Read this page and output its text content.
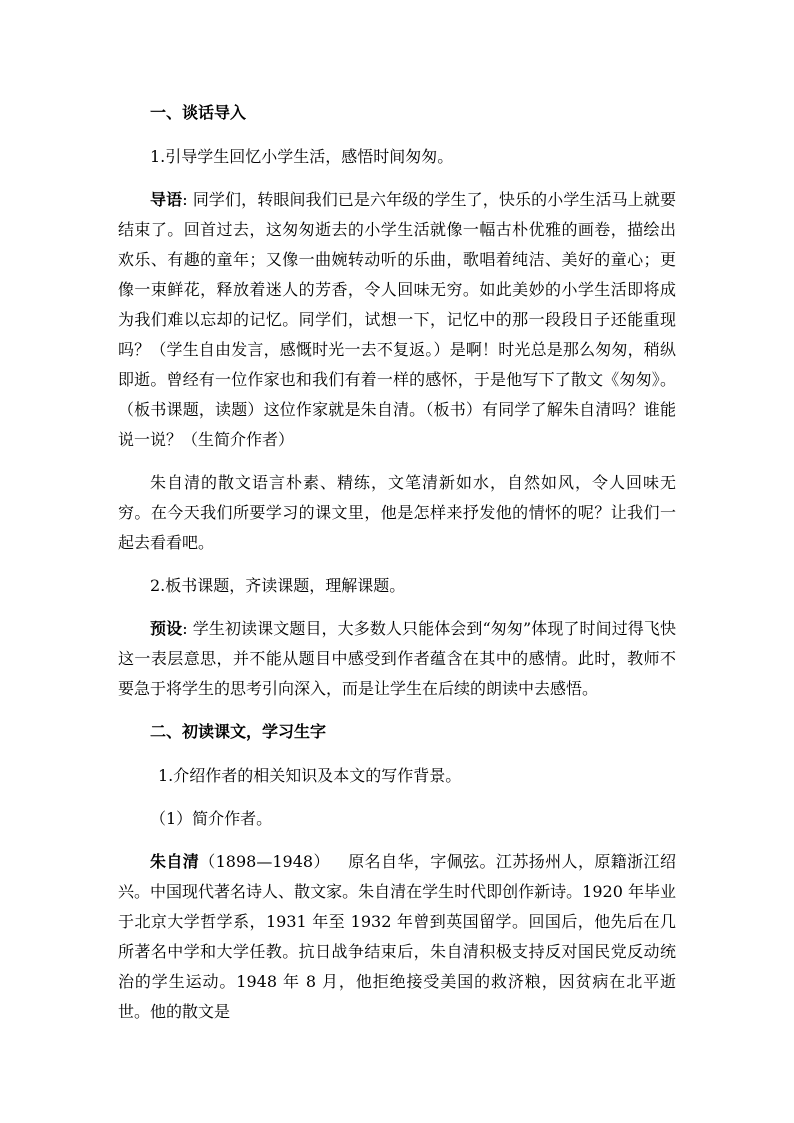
一、谈话导入
1.引导学生回忆小学生活，感悟时间匆匆。
导语: 同学们，转眼间我们已是六年级的学生了，快乐的小学生活马上就要结束了。回首过去，这匆匆逝去的小学生活就像一幅古朴优雅的画卷，描绘出欢乐、有趣的童年；又像一曲婉转动听的乐曲，歌唱着纯洁、美好的童心；更像一束鲜花，释放着迷人的芳香，令人回味无穷。如此美妙的小学生活即将成为我们难以忘却的记忆。同学们，试想一下，记忆中的那一段段日子还能重现吗？（学生自由发言，感慨时光一去不复返。）是啊！时光总是那么匆匆，稍纵即逝。曾经有一位作家也和我们有着一样的感怀，于是他写下了散文《匆匆》。（板书课题，读题）这位作家就是朱自清。（板书）有同学了解朱自清吗？谁能说一说？（生简介作者）
朱自清的散文语言朴素、精练，文笔清新如水，自然如风，令人回味无穷。在今天我们所要学习的课文里，他是怎样来抒发他的情怀的呢？让我们一起去看看吧。
2.板书课题，齐读课题，理解课题。
预设: 学生初读课文题目，大多数人只能体会到“匆匆”体现了时间过得飞快这一表层意思，并不能从题目中感受到作者蕴含在其中的感情。此时，教师不要急于将学生的思考引向深入，而是让学生在后续的朗读中去感悟。
二、初读课文，学习生字
1.介绍作者的相关知识及本文的写作背景。
（1）简介作者。
朱自清（1898—1948） 原名自华，字佩弦。江苏扬州人，原籍浙江绍兴。中国现代著名诗人、散文家。朱自清在学生时代即创作新诗。1920 年毕业于北京大学哲学系，1931 年至 1932 年曾到英国留学。回国后，他先后在几所著名中学和大学任教。抗日战争结束后，朱自清积极支持反对国民党反动统治的学生运动。1948 年 8 月，他拒绝接受美国的救济粮，因贫病在北平逝世。他的散文是
